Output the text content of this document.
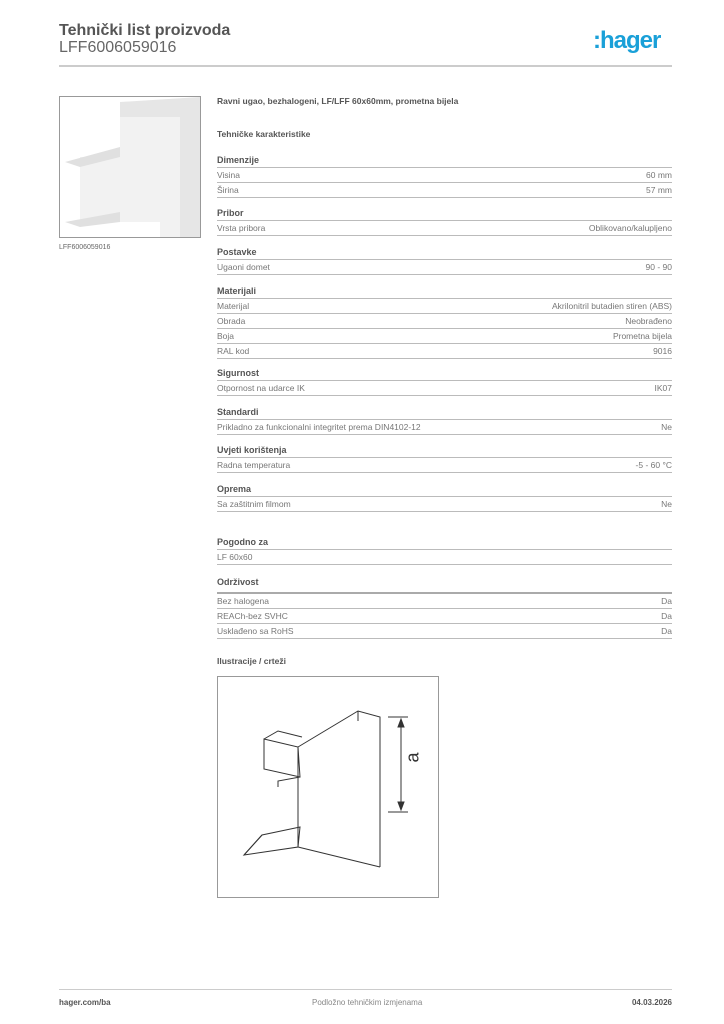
Tehnički list proizvoda
LFF6006059016	:hager
LFF6006059016
Ravni ugao, bezhalogeni, LF/LFF 60x60mm, prometna bijela
Tehničke karakteristike
Dimenzije
Visina	60 mm
Širina	57 mm
Pribor
Vrsta pribora	Oblikovano/kalupljeno
Postavke
Ugaoni domet	90 - 90
Materijali
Materijal	Akrilonitril butadien stiren (ABS)
Obrada	Neobrađeno
Boja	Prometna bijela
RAL kod	9016
Sigurnost
Otpornost na udarce IK	IK07
Standardi
Prikladno za funkcionalni integritet prema DIN4102-12	Ne
Uvjeti korištenja
Radna temperatura	-5 - 60 °C
Oprema
Sa zaštitnim filmom	Ne
Pogodno za
LF 60x60
Održivost
Bez halogena	Da
REACh-bez SVHC	Da
Usklađeno sa RoHS	Da
Ilustracije / crteži
a
hager.com/ba	Podložno tehničkim izmjenama	04.03.2026
